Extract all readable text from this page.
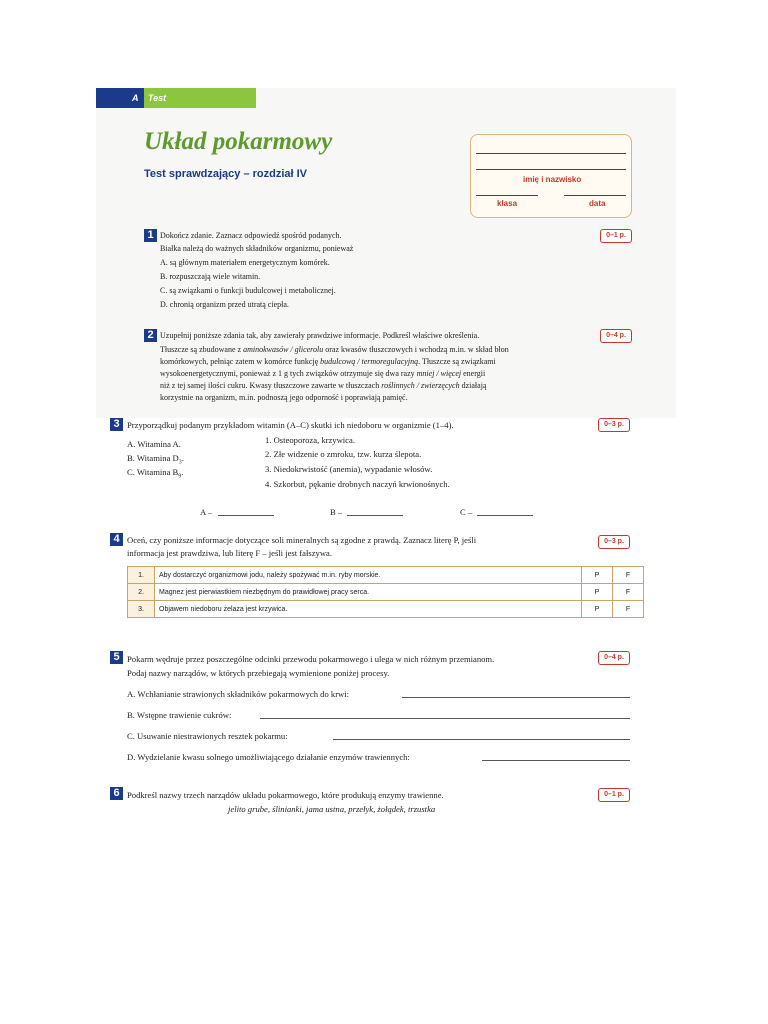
A Test
Układ pokarmowy
Test sprawdzający – rozdział IV	imię i nazwisko
klasa	data
1	0–1 p.
Dokończ zdanie. Zaznacz odpowiedź spośród podanych.
Białka należą do ważnych składników organizmu, ponieważ
A. są głównym materiałem energetycznym komórek.
B. rozpuszczają wiele witamin.
C. są związkami o funkcji budulcowej i metabolicznej.
D. chronią organizm przed utratą ciepła.
2	0–4 p.
Uzupełnij poniższe zdania tak, aby zawierały prawdziwe informacje. Podkreśl właściwe określenia.
Tłuszcze są zbudowane z aminokwasów / glicerolu oraz kwasów tłuszczowych i wchodzą m.in. w skład błon
komórkowych, pełniąc zatem w komórce funkcję budulcową / termoregulacyjną. Tłuszcze są związkami
wysokoenergetycznymi, ponieważ z 1 g tych związków otrzymuje się dwa razy mniej / więcej energii
niż z tej samej ilości cukru. Kwasy tłuszczowe zawarte w tłuszczach roślinnych / zwierzęcych działają
korzystnie na organizm, m.in. podnoszą jego odporność i poprawiają pamięć.
3	0–3 p.
Przyporządkuj podanym przykładom witamin (A–C) skutki ich niedoboru w organizmie (1–4).
A. Witamina A.
B. Witamina $D_3$.
C. Witamina $B_9$.
1. Osteoporoza, krzywica.
2. Złe widzenie o zmroku, tzw. kurza ślepota.
3. Niedokrwistość (anemia), wypadanie włosów.
4. Szkorbut, pękanie drobnych naczyń krwionośnych.
A –	B –	C –
4	0–3 p.
Oceń, czy poniższe informacje dotyczące soli mineralnych są zgodne z prawdą. Zaznacz literę P, jeśli
informacja jest prawdziwa, lub literę F – jeśli jest fałszywa.
1.	Aby dostarczyć organizmowi jodu, należy spożywać m.in. ryby morskie.	P	F
2.	Magnez jest pierwiastkiem niezbędnym do prawidłowej pracy serca.	P	F
3.	Objawem niedoboru żelaza jest krzywica.	P	F
5	0–4 p.
Pokarm wędruje przez poszczególne odcinki przewodu pokarmowego i ulega w nich różnym przemianom.
Podaj nazwy narządów, w których przebiegają wymienione poniżej procesy.
A. Wchłanianie strawionych składników pokarmowych do krwi:
B. Wstępne trawienie cukrów:
C. Usuwanie niestrawionych resztek pokarmu:
D. Wydzielanie kwasu solnego umożliwiającego działanie enzymów trawiennych:
6	0–1 p.
Podkreśl nazwy trzech narządów układu pokarmowego, które produkują enzymy trawienne.
jelito grube, ślinianki, jama ustna, przełyk, żołądek, trzustka
